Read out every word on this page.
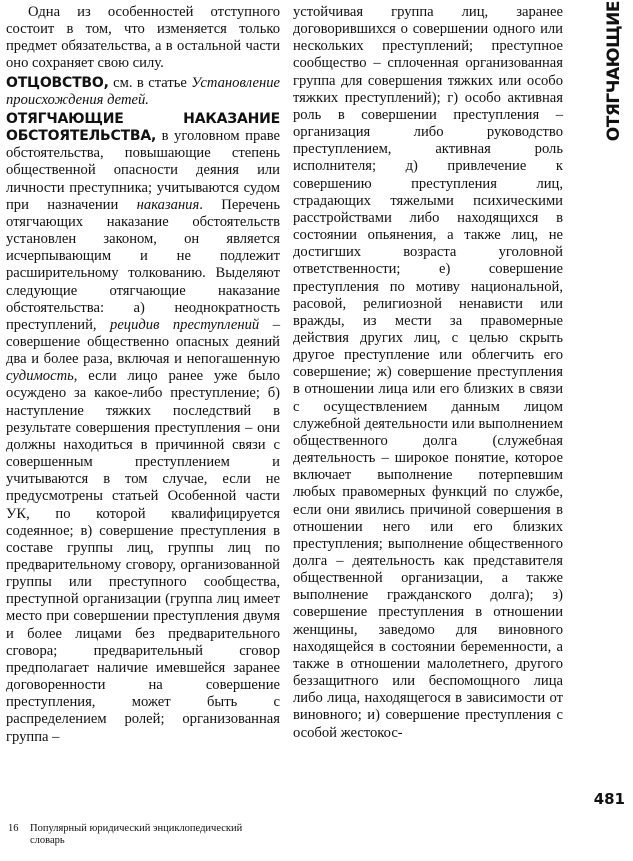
Одна из особенностей отступного состоит в том, что изменяется только предмет обязательства, а в остальной части оно сохраняет свою силу.

ОТЦОВСТВО, см. в статье Установление происхождения детей.

ОТЯГЧАЮЩИЕ НАКАЗАНИЕ ОБСТОЯТЕЛЬСТВА, в уголовном праве обстоятельства, повышающие степень общественной опасности деяния или личности преступника; учитываются судом при назначении наказания. Перечень отягчающих наказание обстоятельств установлен законом, он является исчерпывающим и не подлежит расширительному толкованию. Выделяют следующие отягчающие наказание обстоятельства: а) неоднократность преступлений, рецидив преступлений – совершение общественно опасных деяний два и более раза, включая и непогашенную судимость, если лицо ранее уже было осуждено за какое-либо преступление; б) наступление тяжких последствий в результате совершения преступления – они должны находиться в причинной связи с совершенным преступлением и учитываются в том случае, если не предусмотрены статьей Особенной части УК, по которой квалифицируется содеянное; в) совершение преступления в составе группы лиц, группы лиц по предварительному сговору, организованной группы или преступного сообщества, преступной организации (группа лиц имеет место при совершении преступления двумя и более лицами без предварительного сговора; предварительный сговор предполагает наличие имевшейся заранее договоренности на совершение преступления, может быть с распределением ролей; организованная группа –

устойчивая группа лиц, заранее договорившихся о совершении одного или нескольких преступлений; преступное сообщество – сплоченная организованная группа для совершения тяжких или особо тяжких преступлений); г) особо активная роль в совершении преступления – организация либо руководство преступлением, активная роль исполнителя; д) привлечение к совершению преступления лиц, страдающих тяжелыми психическими расстройствами либо находящихся в состоянии опьянения, а также лиц, не достигших возраста уголовной ответственности; е) совершение преступления по мотиву национальной, расовой, религиозной ненависти или вражды, из мести за правомерные действия других лиц, с целью скрыть другое преступление или облегчить его совершение; ж) совершение преступления в отношении лица или его близких в связи с осуществлением данным лицом служебной деятельности или выполнением общественного долга (служебная деятельность – широкое понятие, которое включает выполнение потерпевшим любых правомерных функций по службе, если они явились причиной совершения в отношении него или его близких преступления; выполнение общественного долга – деятельность как представителя общественной организации, а также выполнение гражданского долга); з) совершение преступления в отношении женщины, заведомо для виновного находящейся в состоянии беременности, а также в отношении малолетнего, другого беззащитного или беспомощного лица либо лица, находящегося в зависимости от виновного; и) совершение преступления с особой жестокос-

ОТЯГЧАЮЩИЕ
481
16 Популярный юридический энциклопедический словарь
